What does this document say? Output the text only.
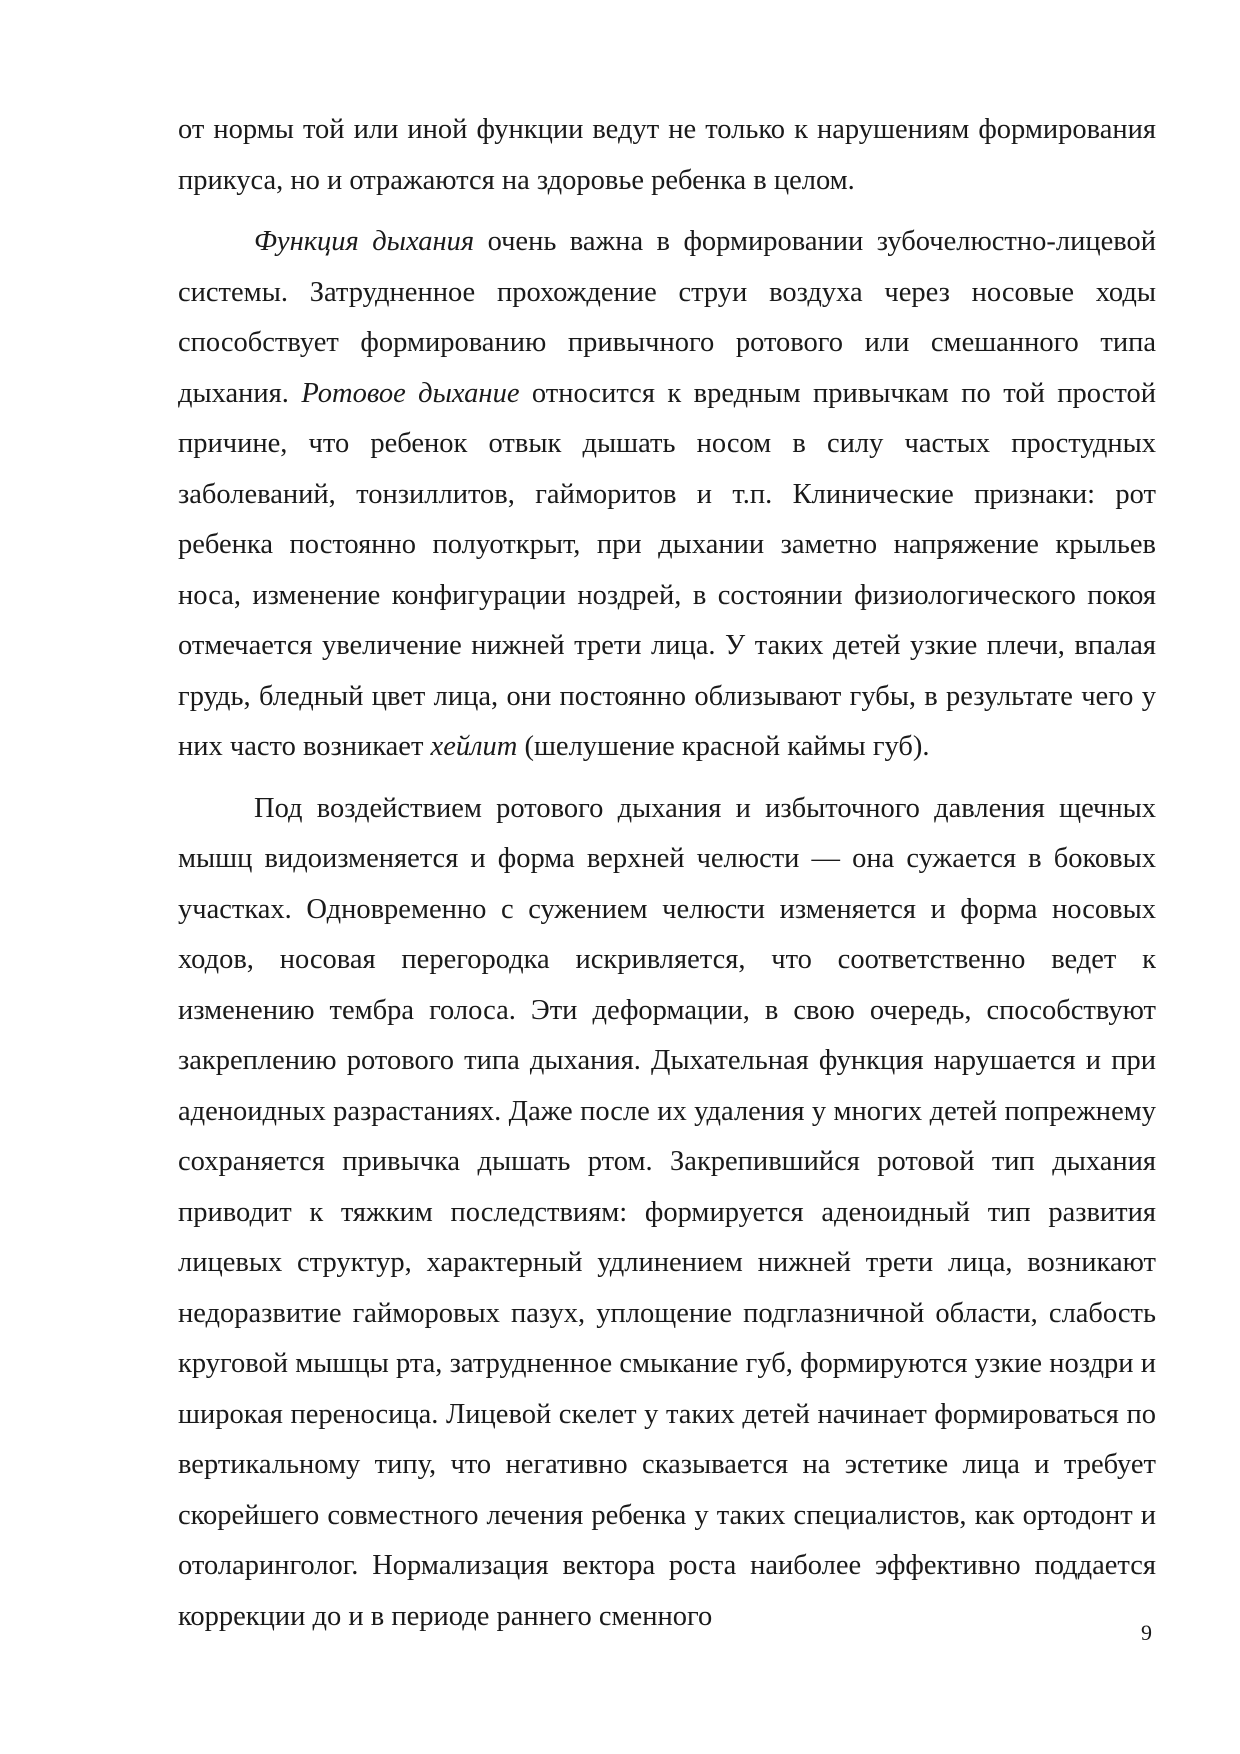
от нормы той или иной функции ведут не только к нарушениям формирования прикуса, но и отражаются на здоровье ребенка в целом.

Функция дыхания очень важна в формировании зубочелюстно-лицевой системы. Затрудненное прохождение струи воздуха через носовые ходы способствует формированию привычного ротового или смешанного типа дыхания. Ротовое дыхание относится к вредным привычкам по той простой причине, что ребенок отвык дышать носом в силу частых простудных заболеваний, тонзиллитов, гайморитов и т.п. Клинические признаки: рот ребенка постоянно полуоткрыт, при дыхании заметно напряжение крыльев носа, изменение конфигурации ноздрей, в состоянии физиологического покоя отмечается увеличение нижней трети лица. У таких детей узкие плечи, впалая грудь, бледный цвет лица, они постоянно облизывают губы, в результате чего у них часто возникает хейлит (шелушение красной каймы губ).

Под воздействием ротового дыхания и избыточного давления щечных мышц видоизменяется и форма верхней челюсти — она сужается в боковых участках. Одновременно с сужением челюсти изменяется и форма носовых ходов, носовая перегородка искривляется, что соответственно ведет к изменению тембра голоса. Эти деформации, в свою очередь, способствуют закреплению ротового типа дыхания. Дыхательная функция нарушается и при аденоидных разрастаниях. Даже после их удаления у многих детей попрежнему сохраняется привычка дышать ртом. Закрепившийся ротовой тип дыхания приводит к тяжким последствиям: формируется аденоидный тип развития лицевых структур, характерный удлинением нижней трети лица, возникают недоразвитие гайморовых пазух, уплощение подглазничной области, слабость круговой мышцы рта, затрудненное смыкание губ, формируются узкие ноздри и широкая переносица. Лицевой скелет у таких детей начинает формироваться по вертикальному типу, что негативно сказывается на эстетике лица и требует скорейшего совместного лечения ребенка у таких специалистов, как ортодонт и отоларинголог. Нормализация вектора роста наиболее эффективно поддается коррекции до и в периоде раннего сменного

9
